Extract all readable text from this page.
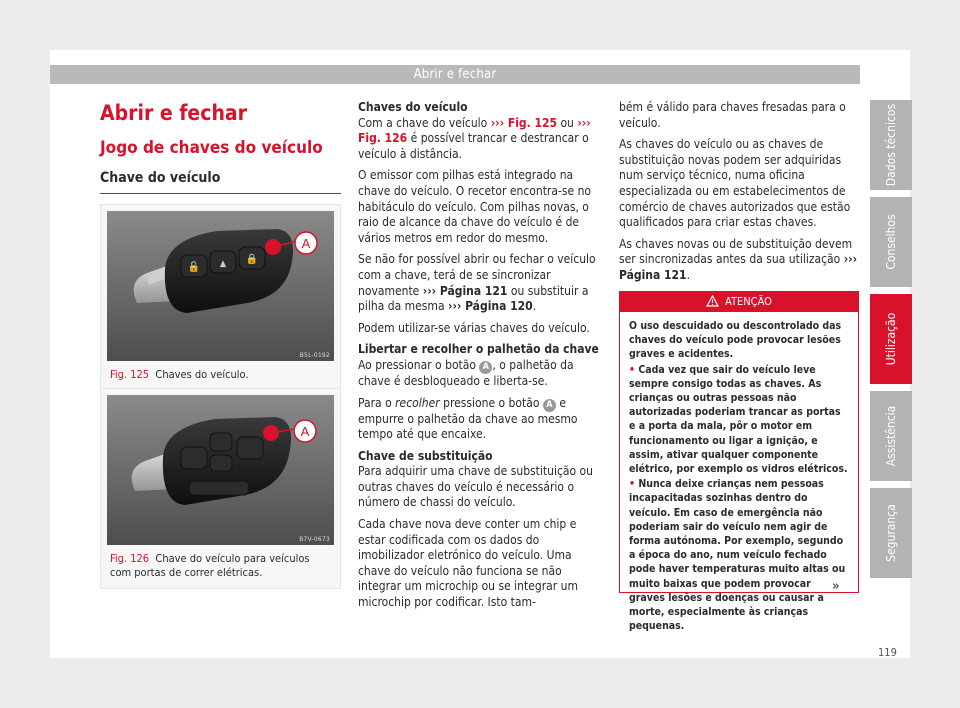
Abrir e fechar
Dados técnicos
Conselhos
Utilização
Assistência
Segurança
Abrir e fechar
Jogo de chaves do veículo
Chave do veículo
🔓 ▲ 🔒
A
B5L-0192
Fig. 125 Chaves do veículo.
A
B7V-0673
Fig. 126 Chave do veículo para veículos com portas de correr elétricas.
Chaves do veículo
Com a chave do veículo ››› Fig. 125 ou ››› Fig. 126 é possível trancar e destrancar o veículo à distância.
O emissor com pilhas está integrado na chave do veículo. O recetor encontra-se no habitáculo do veículo. Com pilhas novas, o raio de alcance da chave do veículo é de vários metros em redor do mesmo.
Se não for possível abrir ou fechar o veículo com a chave, terá de se sincronizar novamente ››› Página 121 ou substituir a pilha da mesma ››› Página 120.
Podem utilizar-se várias chaves do veículo.
Libertar e recolher o palhetão da chave
Ao pressionar o botão A , o palhetão da chave é desbloqueado e liberta-se.
Para o recolher pressione o botão A e empurre o palhetão da chave ao mesmo tempo até que encaixe.
Chave de substituição
Para adquirir uma chave de substituição ou outras chaves do veículo é necessário o número de chassi do veículo.
Cada chave nova deve conter um chip e estar codificada com os dados do imobilizador eletrónico do veículo. Uma chave do veículo não funciona se não integrar um microchip ou se integrar um microchip por codificar. Isto tam-
bém é válido para chaves fresadas para o veículo.
As chaves do veículo ou as chaves de substituição novas podem ser adquiridas num serviço técnico, numa oficina especializada ou em estabelecimentos de comércio de chaves autorizados que estão qualificados para criar estas chaves.
As chaves novas ou de substituição devem ser sincronizadas antes da sua utilização ››› Página 121.
ATENÇÃO
O uso descuidado ou descontrolado das chaves do veículo pode provocar lesões graves e acidentes.
• Cada vez que sair do veículo leve sempre consigo todas as chaves. As crianças ou outras pessoas não autorizadas poderiam trancar as portas e a porta da mala, pôr o motor em funcionamento ou ligar a ignição, e assim, ativar qualquer componente elétrico, por exemplo os vidros elétricos.
• Nunca deixe crianças nem pessoas incapacitadas sozinhas dentro do veículo. Em caso de emergência não poderiam sair do veículo nem agir de forma autónoma. Por exemplo, segundo a época do ano, num veículo fechado pode haver temperaturas muito altas ou muito baixas que podem provocar graves lesões e doenças ou causar a morte, especialmente às crianças pequenas.
»
119
